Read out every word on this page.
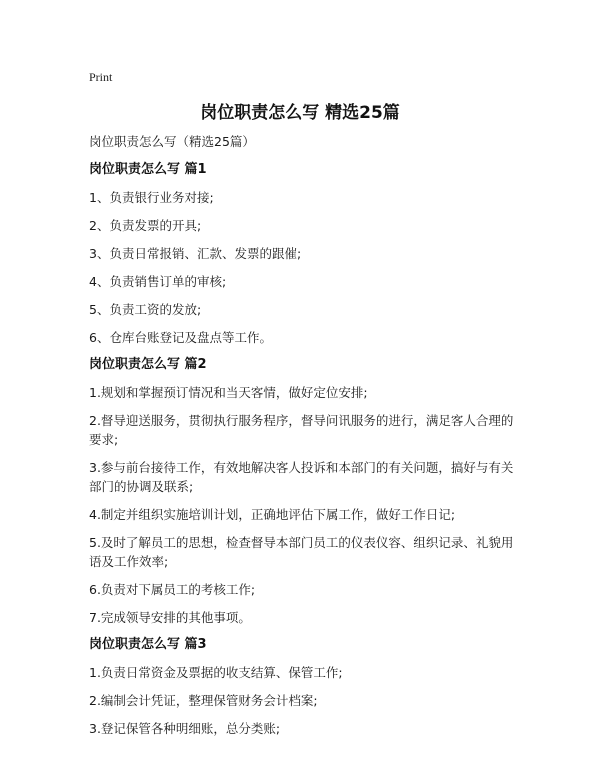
Print
岗位职责怎么写 精选25篇

岗位职责怎么写（精选25篇）

岗位职责怎么写 篇1

1、负责银行业务对接;

2、负责发票的开具;

3、负责日常报销、汇款、发票的跟催;

4、负责销售订单的审核;

5、负责工资的发放;

6、仓库台账登记及盘点等工作。

岗位职责怎么写 篇2

1.规划和掌握预订情况和当天客情，做好定位安排;

2.督导迎送服务，贯彻执行服务程序，督导问讯服务的进行，满足客人合理的要求;

3.参与前台接待工作，有效地解决客人投诉和本部门的有关问题，搞好与有关部门的协调及联系;

4.制定并组织实施培训计划，正确地评估下属工作，做好工作日记;

5.及时了解员工的思想，检查督导本部门员工的仪表仪容、组织记录、礼貌用语及工作效率;

6.负责对下属员工的考核工作;

7.完成领导安排的其他事项。

岗位职责怎么写 篇3

1.负责日常资金及票据的收支结算、保管工作;

2.编制会计凭证，整理保管财务会计档案;

3.登记保管各种明细账，总分类账;
